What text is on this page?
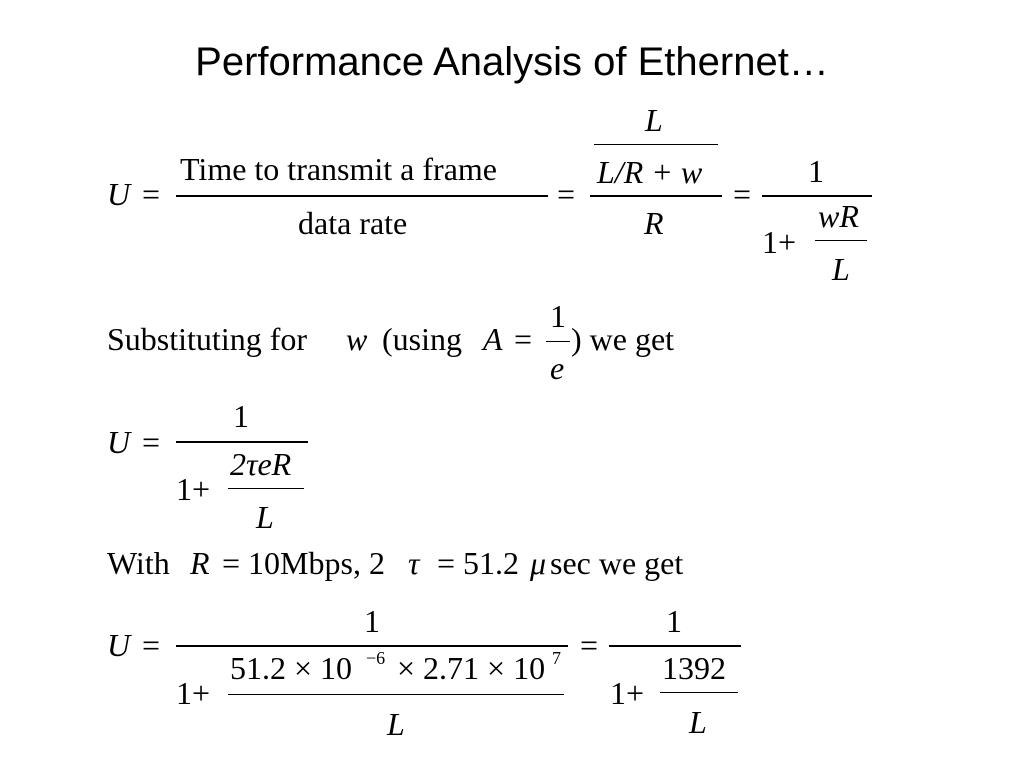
Performance Analysis of Ethernet…
U =
Time to transmit a frame
data rate
=
L
L/R + w
R
=
1
1+
wR
L
Substituting for w (using A =
1
e
) we get
U =
1
1+
2τeR
L
With R = 10Mbps, 2 τ = 51.2 μ sec we get
U =
1
1+
51.2 × 10 −6 × 2.71 × 10 7
L
=
1
1+
1392
L
